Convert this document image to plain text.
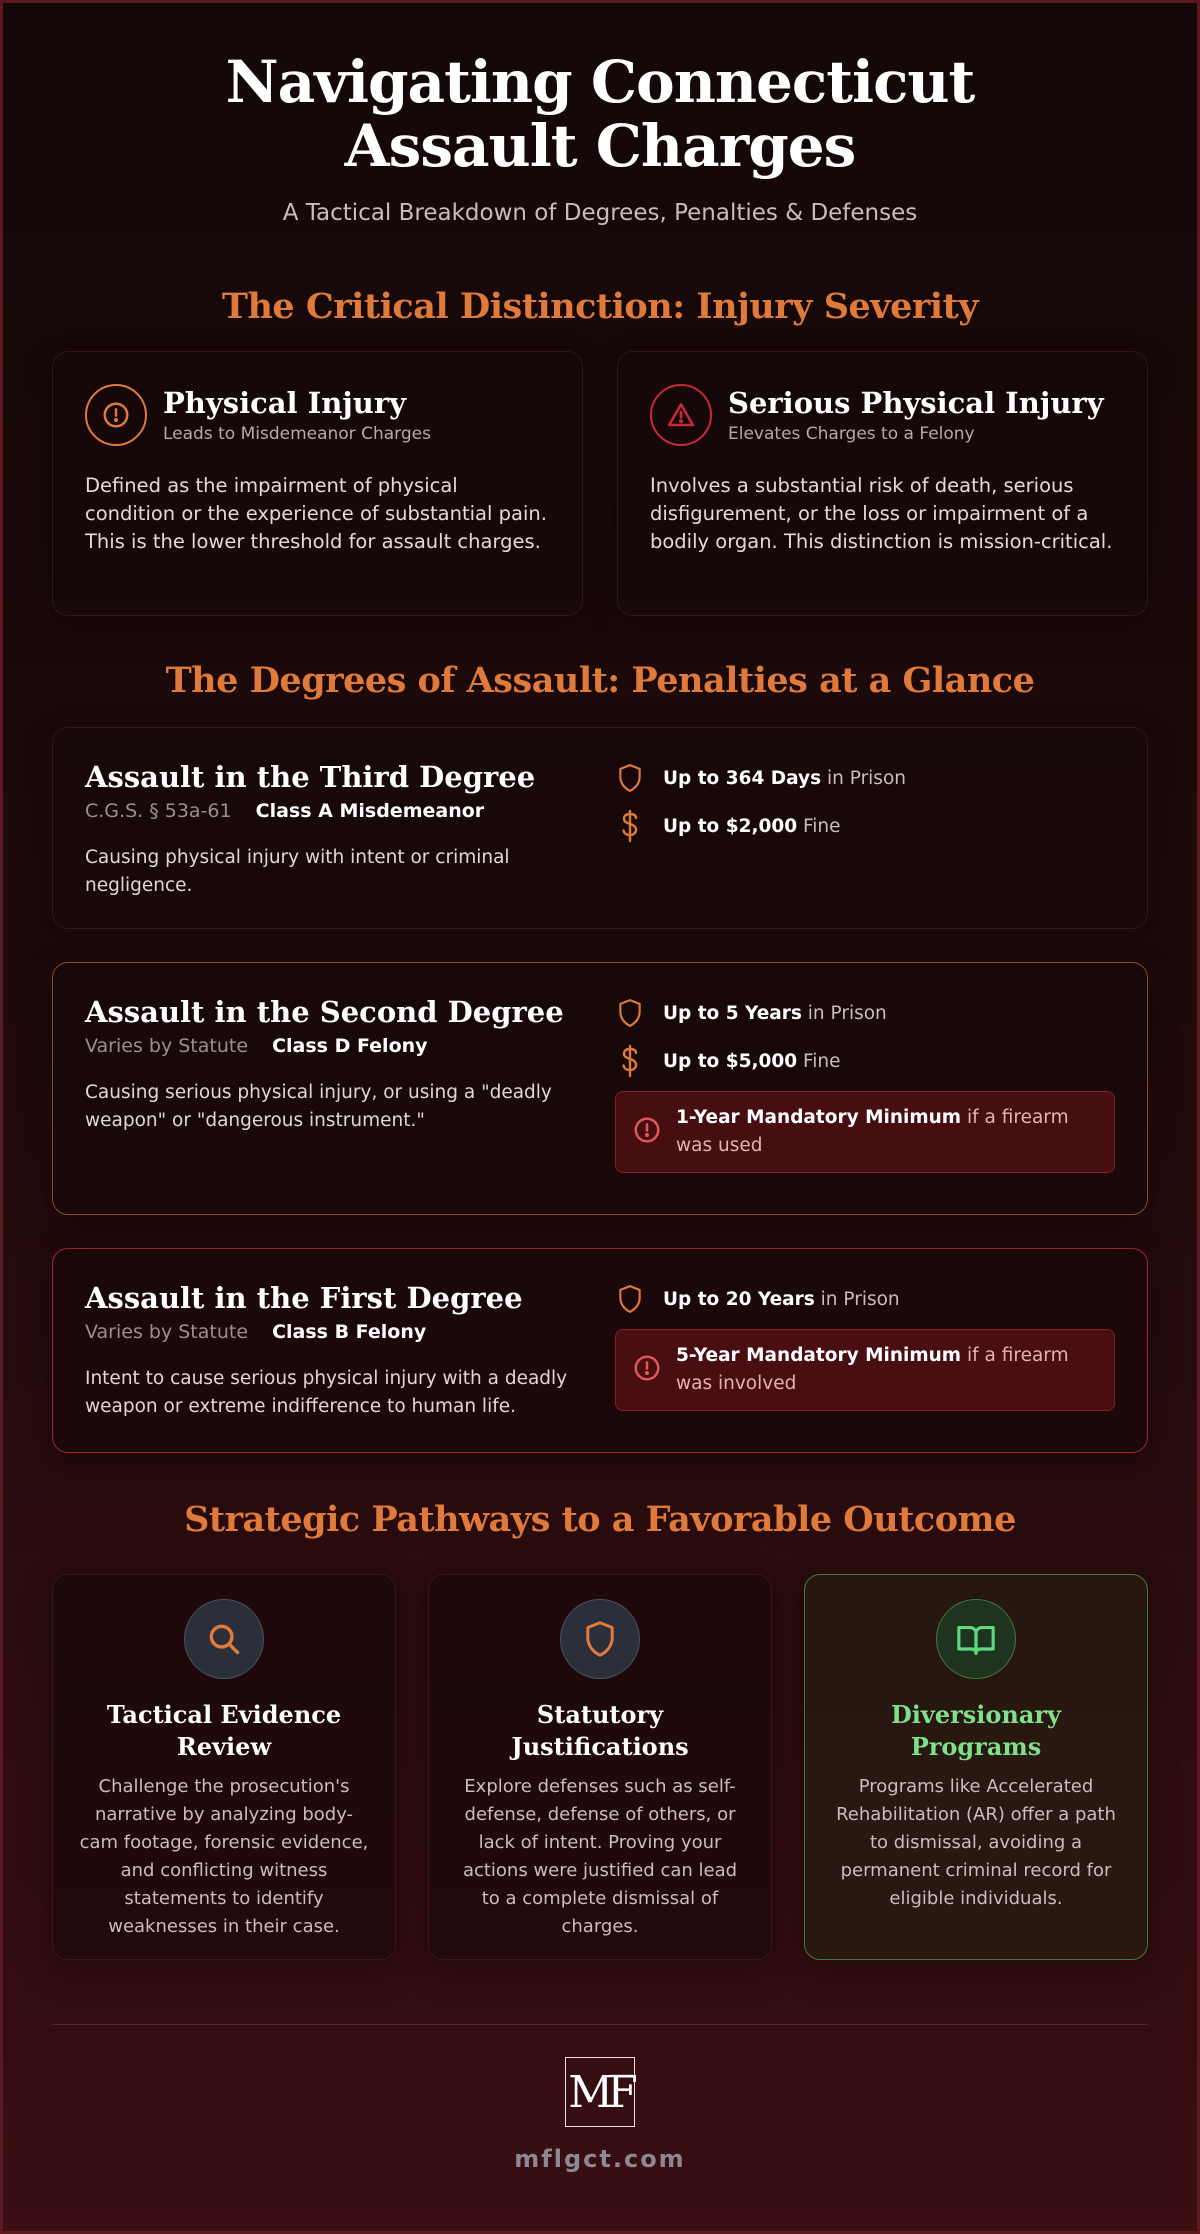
Navigating Connecticut Assault Charges
A Tactical Breakdown of Degrees, Penalties & Defenses
The Critical Distinction: Injury Severity
Physical Injury
Leads to Misdemeanor Charges

Defined as the impairment of physical condition or the experience of substantial pain. This is the lower threshold for assault charges.

Serious Physical Injury
Elevates Charges to a Felony

Involves a substantial risk of death, serious disfigurement, or the loss or impairment of a bodily organ. This distinction is mission-critical.

The Degrees of Assault: Penalties at a Glance
Assault in the Third Degree
C.G.S. § 53a-61 Class A Misdemeanor

Causing physical injury with intent or criminal negligence.

Up to 364 Days in Prison
Up to $2,000 Fine
Assault in the Second Degree
Varies by Statute Class D Felony

Causing serious physical injury, or using a "deadly weapon" or "dangerous instrument."

Up to 5 Years in Prison
Up to $5,000 Fine
1-Year Mandatory Minimum if a firearm was used
Assault in the First Degree
Varies by Statute Class B Felony

Intent to cause serious physical injury with a deadly weapon or extreme indifference to human life.

Up to 20 Years in Prison
5-Year Mandatory Minimum if a firearm was involved
Strategic Pathways to a Favorable Outcome
Tactical Evidence Review

Challenge the prosecution's narrative by analyzing body-cam footage, forensic evidence, and conflicting witness statements to identify weaknesses in their case.

Statutory Justifications

Explore defenses such as self-defense, defense of others, or lack of intent. Proving your actions were justified can lead to a complete dismissal of charges.

Diversionary Programs

Programs like Accelerated Rehabilitation (AR) offer a path to dismissal, avoiding a permanent criminal record for eligible individuals.

MF
mflgct.com
